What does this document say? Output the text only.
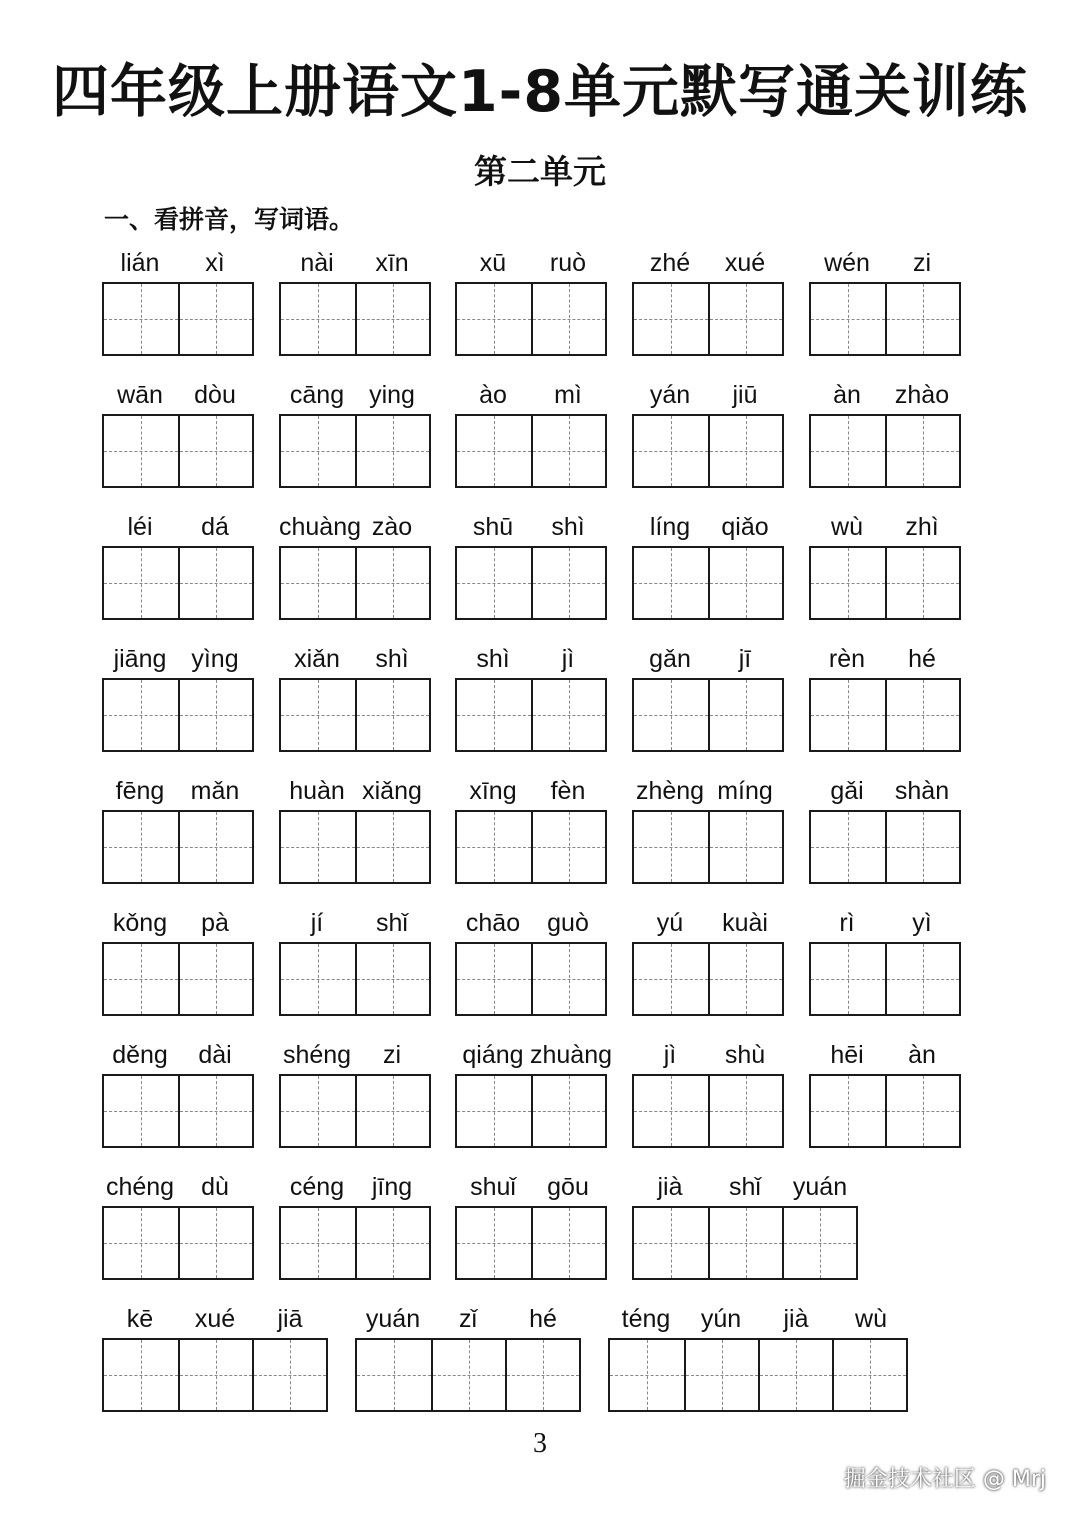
四年级上册语文1-8单元默写通关训练
第二单元
一、看拼音，写词语。
lián	xì	nài	xīn	xū	ruò	zhé	xué	wén	zi
wān	dòu	cāng ying	ào	mì	yán	jiū	àn	zhào
léi	dá	chuàng zào	shū	shì	líng	qiǎo	wù	zhì
jiāng yìng	xiǎn	shì	shì	jì	gǎn	jī	rèn	hé
fēng	mǎn	huàn xiǎng	xīng	fèn	zhèng míng	gǎi	shàn
kǒng	pà	jí	shǐ	chāo	guò	yú	kuài	rì	yì
děng	dài	shéng	zi	qiáng zhuàng	jì	shù	hēi	àn
chéng	dù	céng	jīng	shuǐ	gōu	jià	shǐ	yuán
kē	xué	jiā	yuán	zǐ	hé	téng	yún	jià	wù
3
掘金技术社区 @ Mrj
